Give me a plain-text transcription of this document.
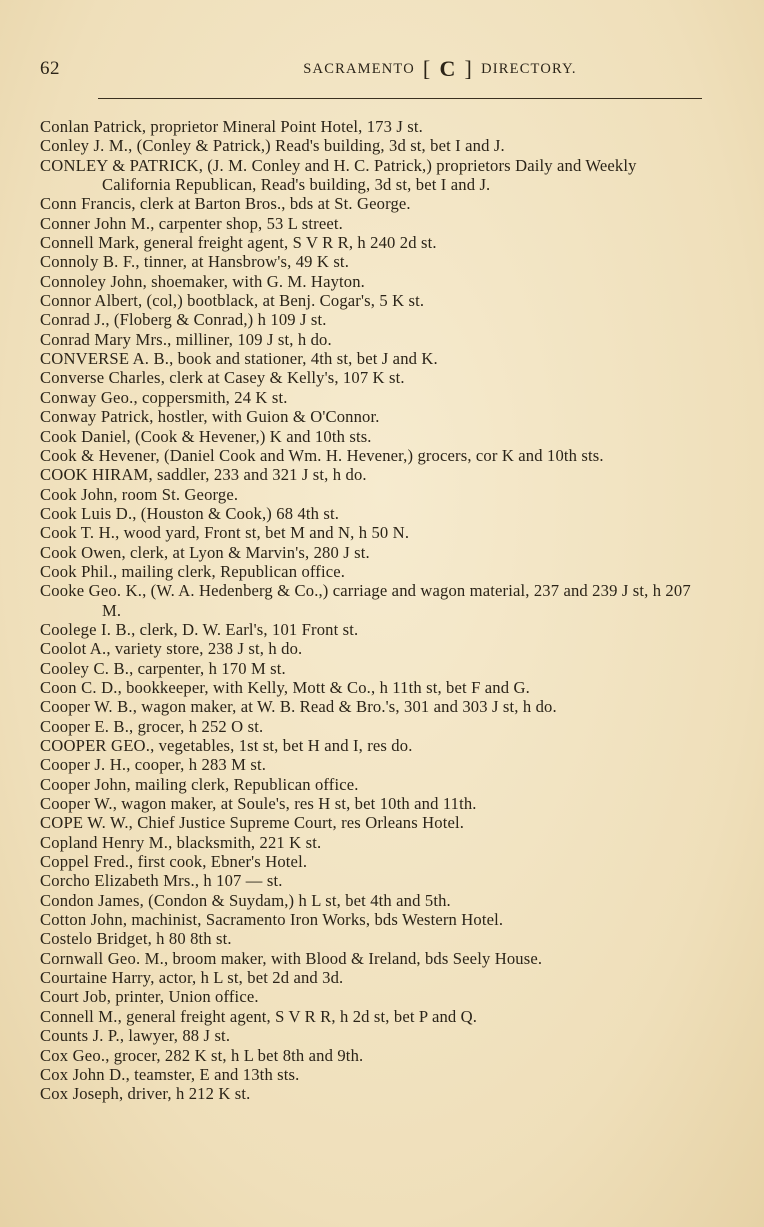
62	SACRAMENTO [ C ] DIRECTORY.
Conlan Patrick, proprietor Mineral Point Hotel, 173 J st.
Conley J. M., (Conley & Patrick,) Read's building, 3d st, bet I and J.
CONLEY & PATRICK, (J. M. Conley and H. C. Patrick,) proprietors Daily and Weekly California Republican, Read's building, 3d st, bet I and J.
Conn Francis, clerk at Barton Bros., bds at St. George.
Conner John M., carpenter shop, 53 L street.
Connell Mark, general freight agent, S V R R, h 240 2d st.
Connoly B. F., tinner, at Hansbrow's, 49 K st.
Connoley John, shoemaker, with G. M. Hayton.
Connor Albert, (col,) bootblack, at Benj. Cogar's, 5 K st.
Conrad J., (Floberg & Conrad,) h 109 J st.
Conrad Mary Mrs., milliner, 109 J st, h do.
CONVERSE A. B., book and stationer, 4th st, bet J and K.
Converse Charles, clerk at Casey & Kelly's, 107 K st.
Conway Geo., coppersmith, 24 K st.
Conway Patrick, hostler, with Guion & O'Connor.
Cook Daniel, (Cook & Hevener,) K and 10th sts.
Cook & Hevener, (Daniel Cook and Wm. H. Hevener,) grocers, cor K and 10th sts.
COOK HIRAM, saddler, 233 and 321 J st, h do.
Cook John, room St. George.
Cook Luis D., (Houston & Cook,) 68 4th st.
Cook T. H., wood yard, Front st, bet M and N, h 50 N.
Cook Owen, clerk, at Lyon & Marvin's, 280 J st.
Cook Phil., mailing clerk, Republican office.
Cooke Geo. K., (W. A. Hedenberg & Co.,) carriage and wagon material, 237 and 239 J st, h 207 M.
Coolege I. B., clerk, D. W. Earl's, 101 Front st.
Coolot A., variety store, 238 J st, h do.
Cooley C. B., carpenter, h 170 M st.
Coon C. D., bookkeeper, with Kelly, Mott & Co., h 11th st, bet F and G.
Cooper W. B., wagon maker, at W. B. Read & Bro.'s, 301 and 303 J st, h do.
Cooper E. B., grocer, h 252 O st.
COOPER GEO., vegetables, 1st st, bet H and I, res do.
Cooper J. H., cooper, h 283 M st.
Cooper John, mailing clerk, Republican office.
Cooper W., wagon maker, at Soule's, res H st, bet 10th and 11th.
COPE W. W., Chief Justice Supreme Court, res Orleans Hotel.
Copland Henry M., blacksmith, 221 K st.
Coppel Fred., first cook, Ebner's Hotel.
Corcho Elizabeth Mrs., h 107 — st.
Condon James, (Condon & Suydam,) h L st, bet 4th and 5th.
Cotton John, machinist, Sacramento Iron Works, bds Western Hotel.
Costelo Bridget, h 80 8th st.
Cornwall Geo. M., broom maker, with Blood & Ireland, bds Seely House.
Courtaine Harry, actor, h L st, bet 2d and 3d.
Court Job, printer, Union office.
Connell M., general freight agent, S V R R, h 2d st, bet P and Q.
Counts J. P., lawyer, 88 J st.
Cox Geo., grocer, 282 K st, h L bet 8th and 9th.
Cox John D., teamster, E and 13th sts.
Cox Joseph, driver, h 212 K st.
